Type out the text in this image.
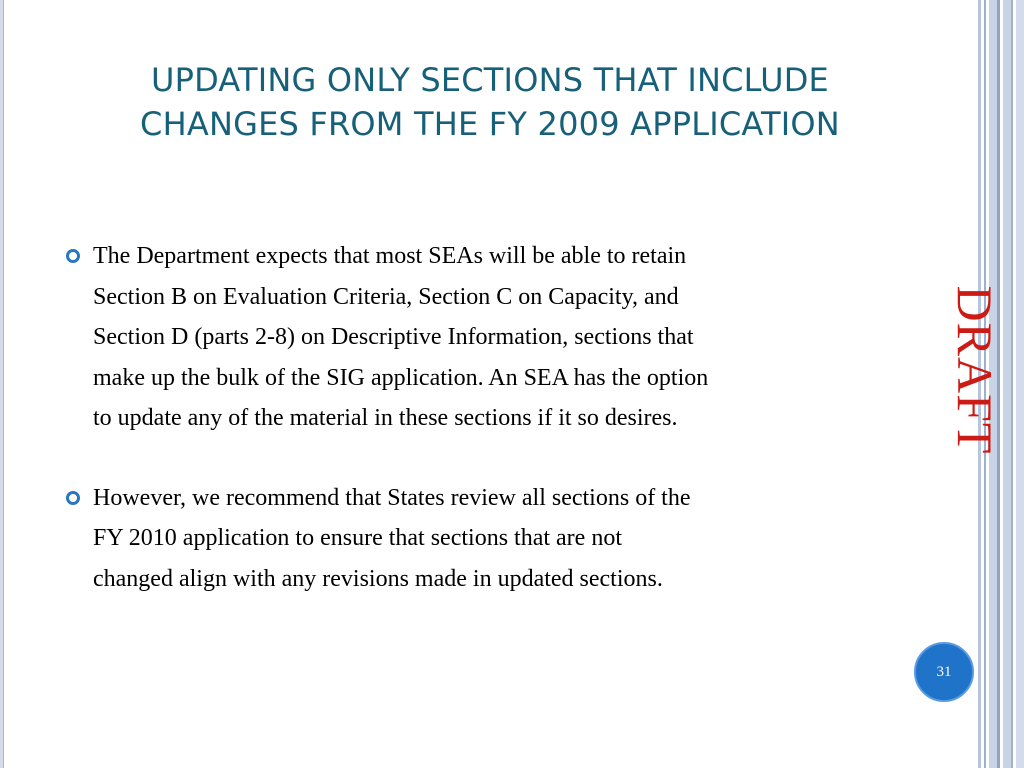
UPDATING ONLY SECTIONS THAT INCLUDE
CHANGES FROM THE FY 2009 APPLICATION
The Department expects that most SEAs will be able to retain
Section B on Evaluation Criteria, Section C on Capacity, and
Section D (parts 2-8) on Descriptive Information, sections that
make up the bulk of the SIG application. An SEA has the option
to update any of the material in these sections if it so desires.
However, we recommend that States review all sections of the
FY 2010 application to ensure that sections that are not
changed align with any revisions made in updated sections.
DRAFT
31
